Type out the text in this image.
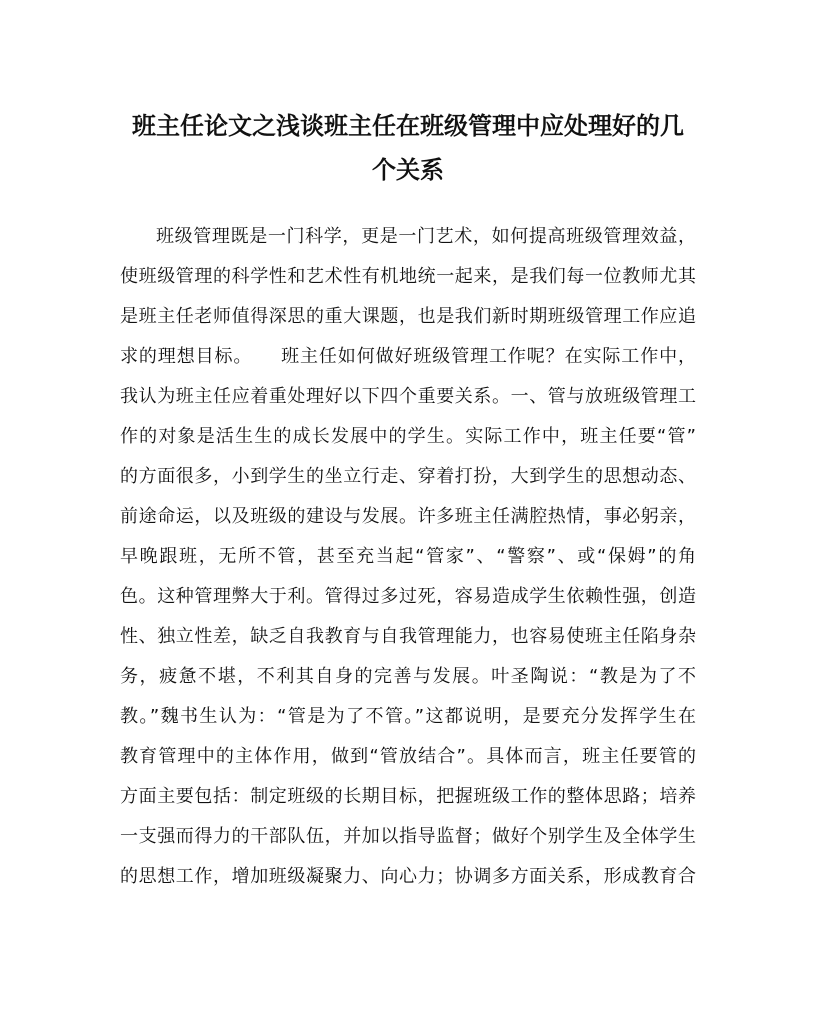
班主任论文之浅谈班主任在班级管理中应处理好的几
个关系
班级管理既是一门科学，更是一门艺术，如何提高班级管理效益，
使班级管理的科学性和艺术性有机地统一起来，是我们每一位教师尤其
是班主任老师值得深思的重大课题，也是我们新时期班级管理工作应追
求的理想目标。　　班主任如何做好班级管理工作呢？在实际工作中，
我认为班主任应着重处理好以下四个重要关系。一、管与放班级管理工
作的对象是活生生的成长发展中的学生。实际工作中，班主任要“管”
的方面很多，小到学生的坐立行走、穿着打扮，大到学生的思想动态、
前途命运，以及班级的建设与发展。许多班主任满腔热情，事必躬亲，
早晚跟班，无所不管，甚至充当起“管家”、“警察”、或“保姆”的角
色。这种管理弊大于利。管得过多过死，容易造成学生依赖性强，创造
性、独立性差，缺乏自我教育与自我管理能力，也容易使班主任陷身杂
务，疲惫不堪，不利其自身的完善与发展。叶圣陶说：“教是为了不
教。”魏书生认为：“管是为了不管。”这都说明，是要充分发挥学生在
教育管理中的主体作用，做到“管放结合”。具体而言，班主任要管的
方面主要包括：制定班级的长期目标，把握班级工作的整体思路；培养
一支强而得力的干部队伍，并加以指导监督；做好个别学生及全体学生
的思想工作，增加班级凝聚力、向心力；协调多方面关系，形成教育合
